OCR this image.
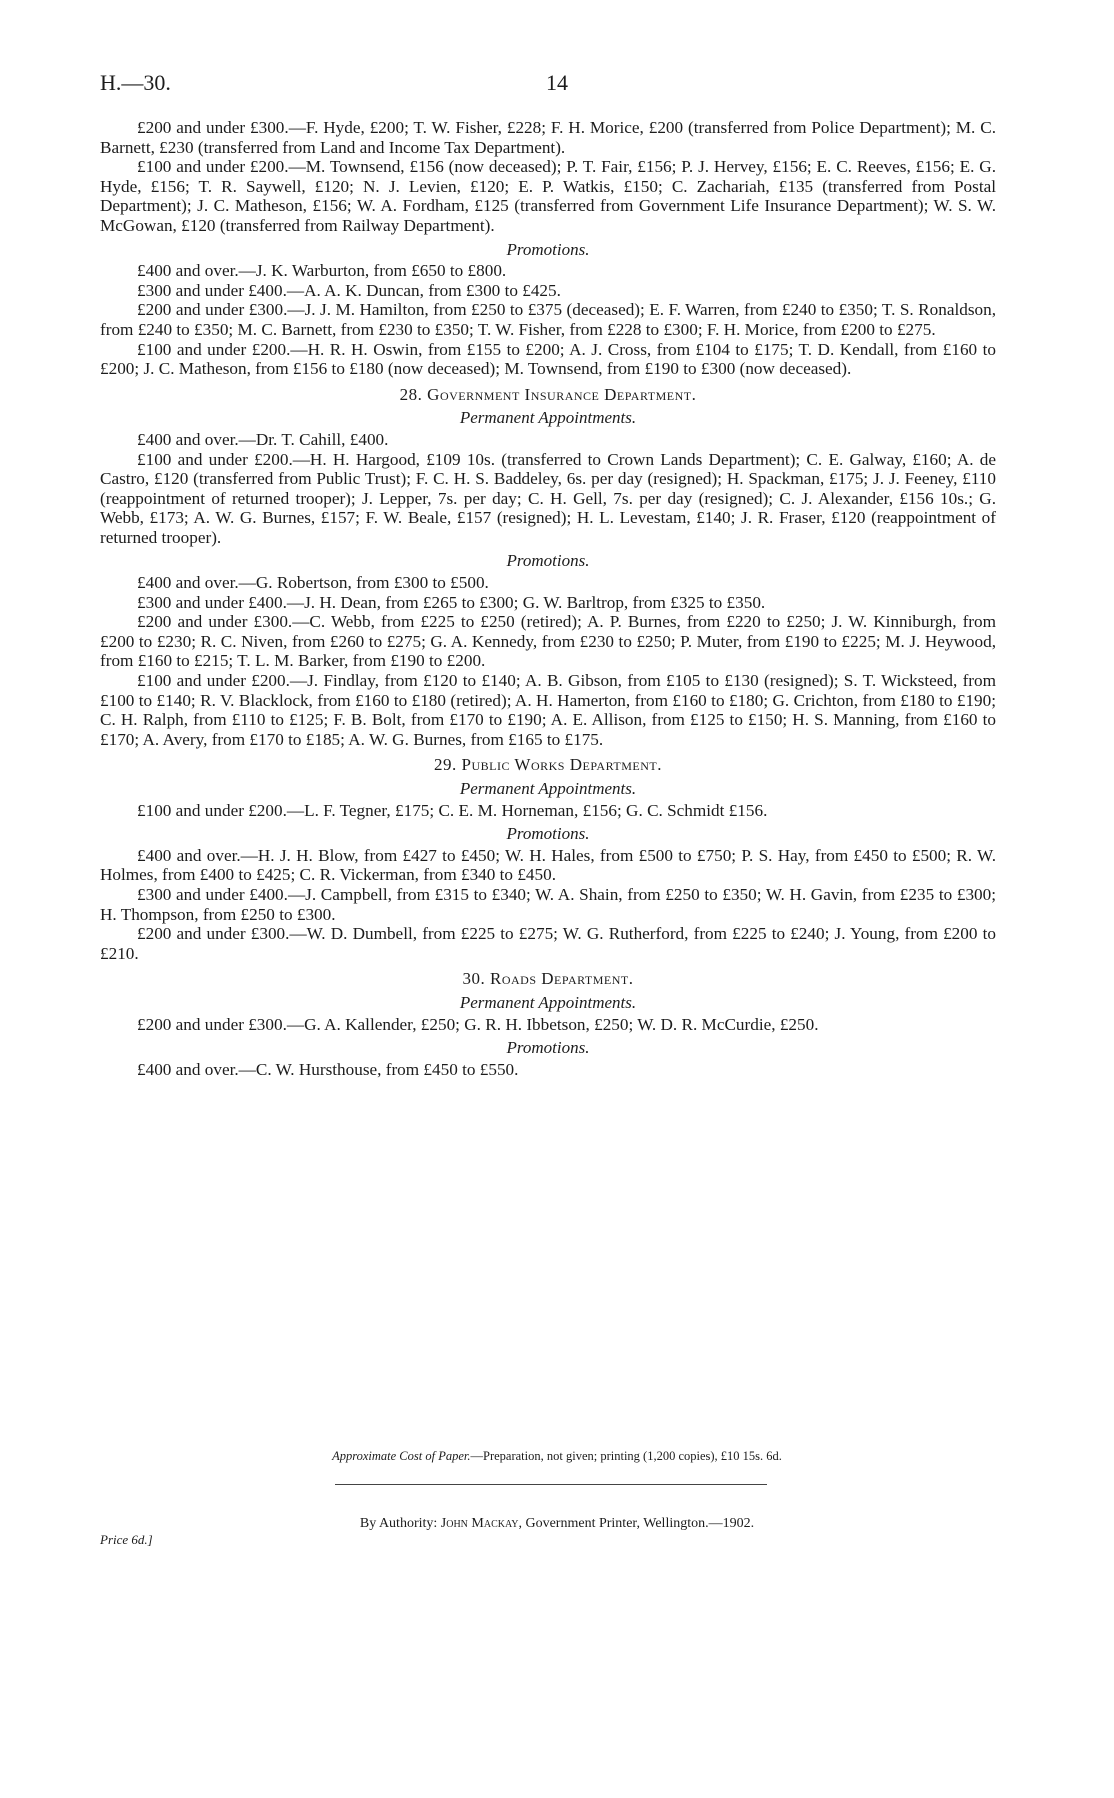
H.—30.	14

£200 and under £300.—F. Hyde, £200; T. W. Fisher, £228; F. H. Morice, £200 (transferred from Police Department); M. C. Barnett, £230 (transferred from Land and Income Tax Department).

£100 and under £200.—M. Townsend, £156 (now deceased); P. T. Fair, £156; P. J. Hervey, £156; E. C. Reeves, £156; E. G. Hyde, £156; T. R. Saywell, £120; N. J. Levien, £120; E. P. Watkis, £150; C. Zachariah, £135 (transferred from Postal Department); J. C. Matheson, £156; W. A. Fordham, £125 (transferred from Government Life Insurance Department); W. S. W. McGowan, £120 (transferred from Railway Department).

Promotions.

£400 and over.—J. K. Warburton, from £650 to £800.

£300 and under £400.—A. A. K. Duncan, from £300 to £425.

£200 and under £300.—J. J. M. Hamilton, from £250 to £375 (deceased); E. F. Warren, from £240 to £350; T. S. Ronaldson, from £240 to £350; M. C. Barnett, from £230 to £350; T. W. Fisher, from £228 to £300; F. H. Morice, from £200 to £275.

£100 and under £200.—H. R. H. Oswin, from £155 to £200; A. J. Cross, from £104 to £175; T. D. Kendall, from £160 to £200; J. C. Matheson, from £156 to £180 (now deceased); M. Townsend, from £190 to £300 (now deceased).

28. Government Insurance Department.

Permanent Appointments.

£400 and over.—Dr. T. Cahill, £400.

£100 and under £200.—H. H. Hargood, £109 10s. (transferred to Crown Lands Department); C. E. Galway, £160; A. de Castro, £120 (transferred from Public Trust); F. C. H. S. Baddeley, 6s. per day (resigned); H. Spackman, £175; J. J. Feeney, £110 (reappointment of returned trooper); J. Lepper, 7s. per day; C. H. Gell, 7s. per day (resigned); C. J. Alexander, £156 10s.; G. Webb, £173; A. W. G. Burnes, £157; F. W. Beale, £157 (resigned); H. L. Levestam, £140; J. R. Fraser, £120 (reappointment of returned trooper).

Promotions.

£400 and over.—G. Robertson, from £300 to £500.

£300 and under £400.—J. H. Dean, from £265 to £300; G. W. Barltrop, from £325 to £350.

£200 and under £300.—C. Webb, from £225 to £250 (retired); A. P. Burnes, from £220 to £250; J. W. Kinniburgh, from £200 to £230; R. C. Niven, from £260 to £275; G. A. Kennedy, from £230 to £250; P. Muter, from £190 to £225; M. J. Heywood, from £160 to £215; T. L. M. Barker, from £190 to £200.

£100 and under £200.—J. Findlay, from £120 to £140; A. B. Gibson, from £105 to £130 (resigned); S. T. Wicksteed, from £100 to £140; R. V. Blacklock, from £160 to £180 (retired); A. H. Hamerton, from £160 to £180; G. Crichton, from £180 to £190; C. H. Ralph, from £110 to £125; F. B. Bolt, from £170 to £190; A. E. Allison, from £125 to £150; H. S. Manning, from £160 to £170; A. Avery, from £170 to £185; A. W. G. Burnes, from £165 to £175.

29. Public Works Department.

Permanent Appointments.

£100 and under £200.—L. F. Tegner, £175; C. E. M. Horneman, £156; G. C. Schmidt £156.

Promotions.

£400 and over.—H. J. H. Blow, from £427 to £450; W. H. Hales, from £500 to £750; P. S. Hay, from £450 to £500; R. W. Holmes, from £400 to £425; C. R. Vickerman, from £340 to £450.

£300 and under £400.—J. Campbell, from £315 to £340; W. A. Shain, from £250 to £350; W. H. Gavin, from £235 to £300; H. Thompson, from £250 to £300.

£200 and under £300.—W. D. Dumbell, from £225 to £275; W. G. Rutherford, from £225 to £240; J. Young, from £200 to £210.

30. Roads Department.

Permanent Appointments.

£200 and under £300.—G. A. Kallender, £250; G. R. H. Ibbetson, £250; W. D. R. McCurdie, £250.

Promotions.

£400 and over.—C. W. Hursthouse, from £450 to £550.

Approximate Cost of Paper.—Preparation, not given; printing (1,200 copies), £10 15s. 6d.
By Authority: John Mackay, Government Printer, Wellington.—1902.
Price 6d.]
